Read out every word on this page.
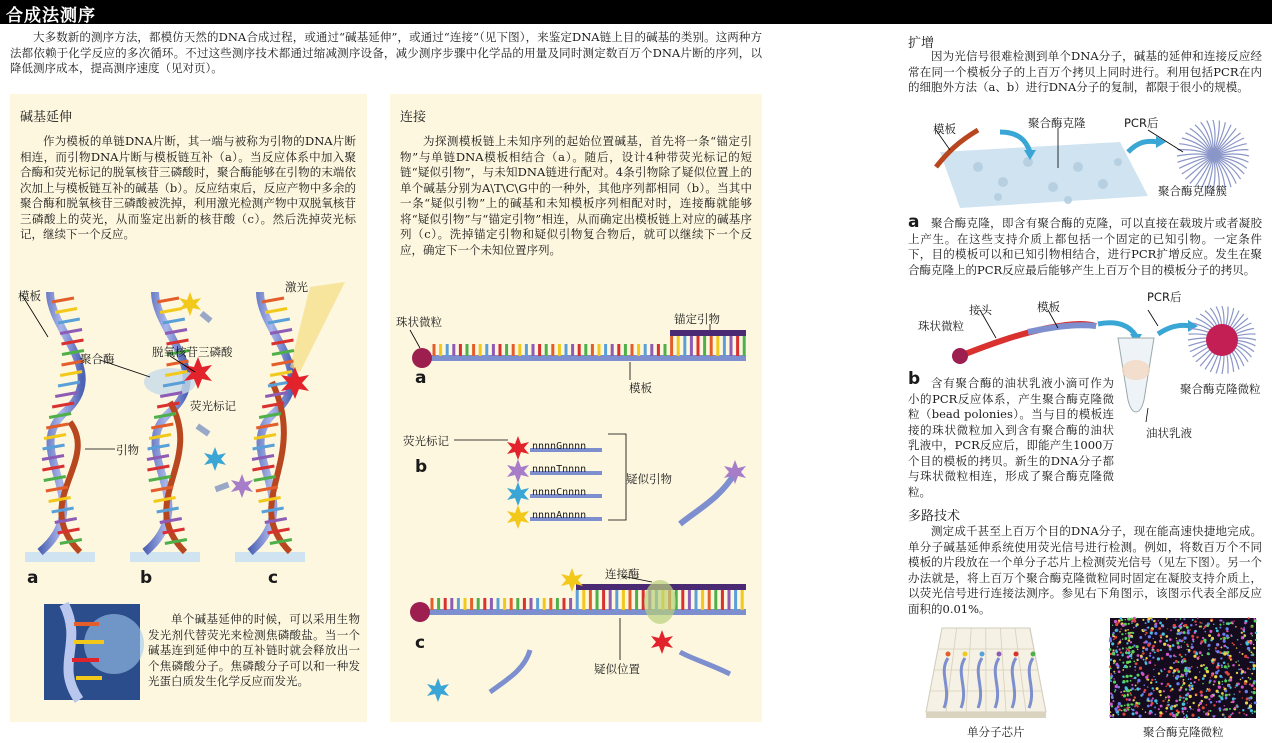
合成法测序
大多数新的测序方法，都模仿天然的DNA合成过程，或通过“碱基延伸”，或通过“连接”（见下图），来鉴定DNA链上目的碱基的类别。这两种方法都依赖于化学反应的多次循环。不过这些测序技术都通过缩减测序设备，减少测序步骤中化学品的用量及同时测定数百万个DNA片断的序列，以降低测序成本，提高测序速度（见对页）。
碱基延伸
作为模板的单链DNA片断，其一端与被称为引物的DNA片断相连，而引物DNA片断与模板链互补（a）。当反应体系中加入聚合酶和荧光标记的脱氧核苷三磷酸时，聚合酶能够在引物的末端依次加上与模板链互补的碱基（b）。反应结束后，反应产物中多余的聚合酶和脱氧核苷三磷酸被洗掉，利用激光检测产物中双脱氧核苷三磷酸上的荧光，从而鉴定出新的核苷酸（c）。然后洗掉荧光标记，继续下一个反应。
模板
聚合酶	脱氧核苷三磷酸
激光
荧光标记
引物
a	b	c
单个碱基延伸的时候，可以采用生物发光剂代替荧光来检测焦磷酸盐。当一个碱基连到延伸中的互补链时就会释放出一个焦磷酸分子。焦磷酸分子可以和一种发光蛋白质发生化学反应而发光。
连接
为探测模板链上未知序列的起始位置碱基，首先将一条“锚定引物”与单链DNA模板相结合（a）。随后，设计4种带荧光标记的短链“疑似引物”，与未知DNA链进行配对。4条引物除了疑似位置上的单个碱基分别为A\T\C\G中的一种外，其他序列都相同（b）。当其中一条“疑似引物”上的碱基和未知模板序列相配对时，连接酶就能够将“疑似引物”与“锚定引物”相连，从而确定出模板链上对应的碱基序列（c）。洗掉锚定引物和疑似引物复合物后，就可以继续下一个反应，确定下一个未知位置序列。
珠状微粒	锚定引物
模板
a
荧光标记
b
nnnnGnnnn
nnnnTnnnn
nnnnCnnnn
nnnnAnnnn
疑似引物
连接酶
c
疑似位置
扩增
因为光信号很难检测到单个DNA分子，碱基的延伸和连接反应经常在同一个模板分子的上百万个拷贝上同时进行。利用包括PCR在内的细胞外方法（a、b）进行DNA分子的复制，都限于很小的规模。
模板	聚合酶克隆	PCR后
聚合酶克隆簇
a	聚合酶克隆，即含有聚合酶的克隆，可以直接在载玻片或者凝胶上产生。在这些支持介质上都包括一个固定的已知引物。一定条件下，目的模板可以和已知引物相结合，进行PCR扩增反应。发生在聚合酶克隆上的PCR反应最后能够产生上百万个目的模板分子的拷贝。
接头	模板
珠状微粒
PCR后
聚合酶克隆微粒
油状乳液
b 含有聚合酶的油状乳液小滴可作为小的PCR反应体系，产生聚合酶克隆微粒（bead polonies）。当与目的模板连接的珠状微粒加入到含有聚合酶的油状乳液中，PCR反应后，即能产生1000万个目的模板的拷贝。新生的DNA分子都与珠状微粒相连，形成了聚合酶克隆微粒。
多路技术
测定成千甚至上百万个目的DNA分子，现在能高速快捷地完成。单分子碱基延伸系统使用荧光信号进行检测。例如，将数百万个不同模板的片段放在一个单分子芯片上检测荧光信号（见左下图）。另一个办法就是，将上百万个聚合酶克隆微粒同时固定在凝胶支持介质上，以荧光信号进行连接法测序。参见右下角图示，该图示代表全部反应面积的0.01%。
单分子芯片	聚合酶克隆微粒
